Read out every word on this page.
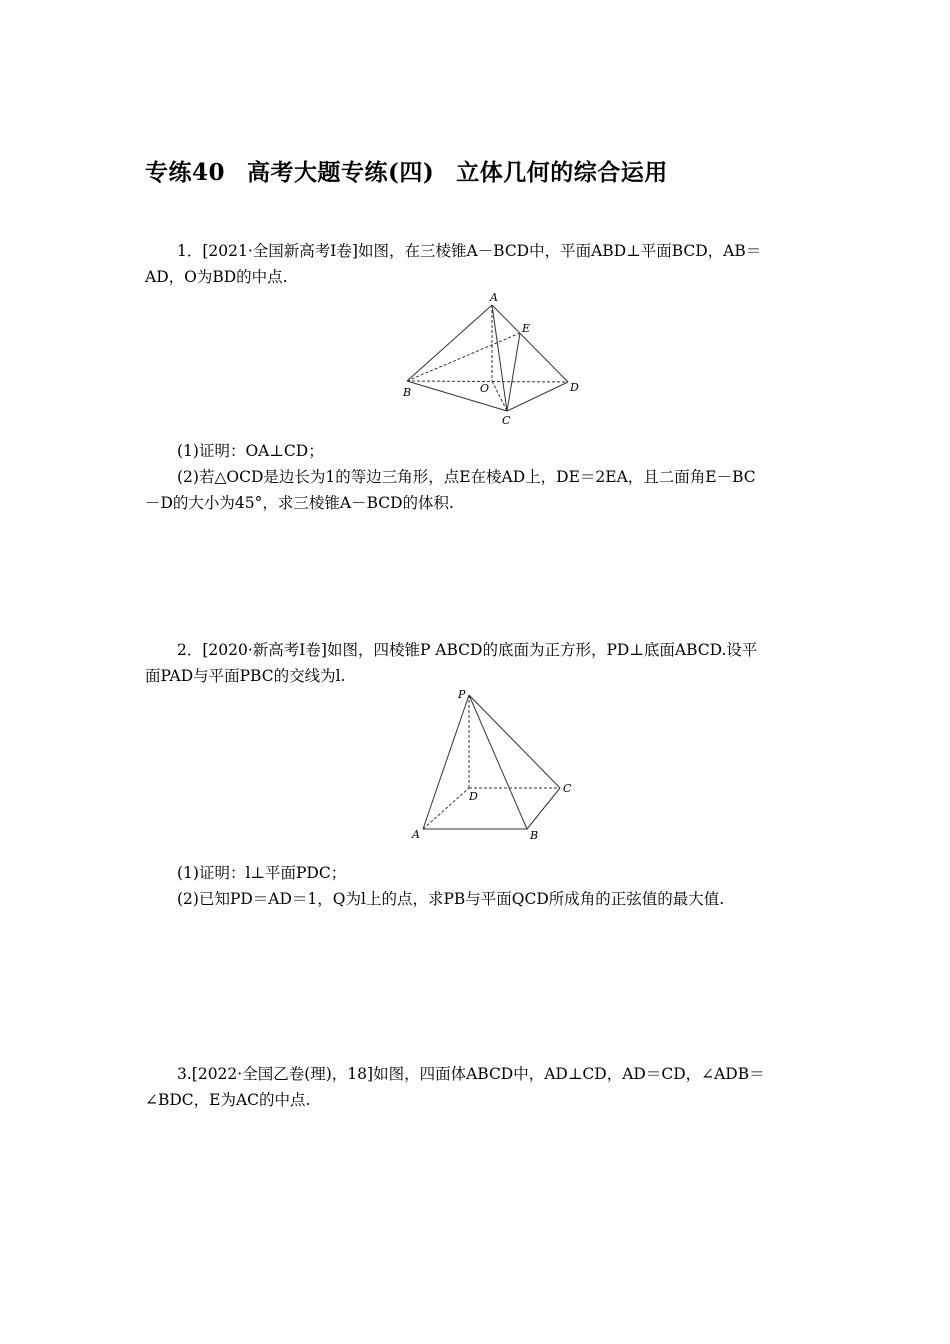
专练40 高考大题专练(四) 立体几何的综合运用
1．[2021·全国新高考Ⅰ卷]如图，在三棱锥A－BCD中，平面ABD⊥平面BCD，AB＝
AD，O为BD的中点.
A
E
B	O	D
C
(1)证明：OA⊥CD；
(2)若△OCD是边长为1的等边三角形，点E在棱AD上，DE＝2EA，且二面角E－BC
－D的大小为45°，求三棱锥A－BCD的体积.
2．[2020·新高考Ⅰ卷]如图，四棱锥P ABCD的底面为正方形，PD⊥底面ABCD.设平
面PAD与平面PBC的交线为l.
P
D
C
A	B
(1)证明：l⊥平面PDC；
(2)已知PD＝AD＝1，Q为l上的点，求PB与平面QCD所成角的正弦值的最大值.
3.[2022·全国乙卷(理)，18]如图，四面体ABCD中，AD⊥CD，AD＝CD，∠ADB＝
∠BDC，E为AC的中点.
